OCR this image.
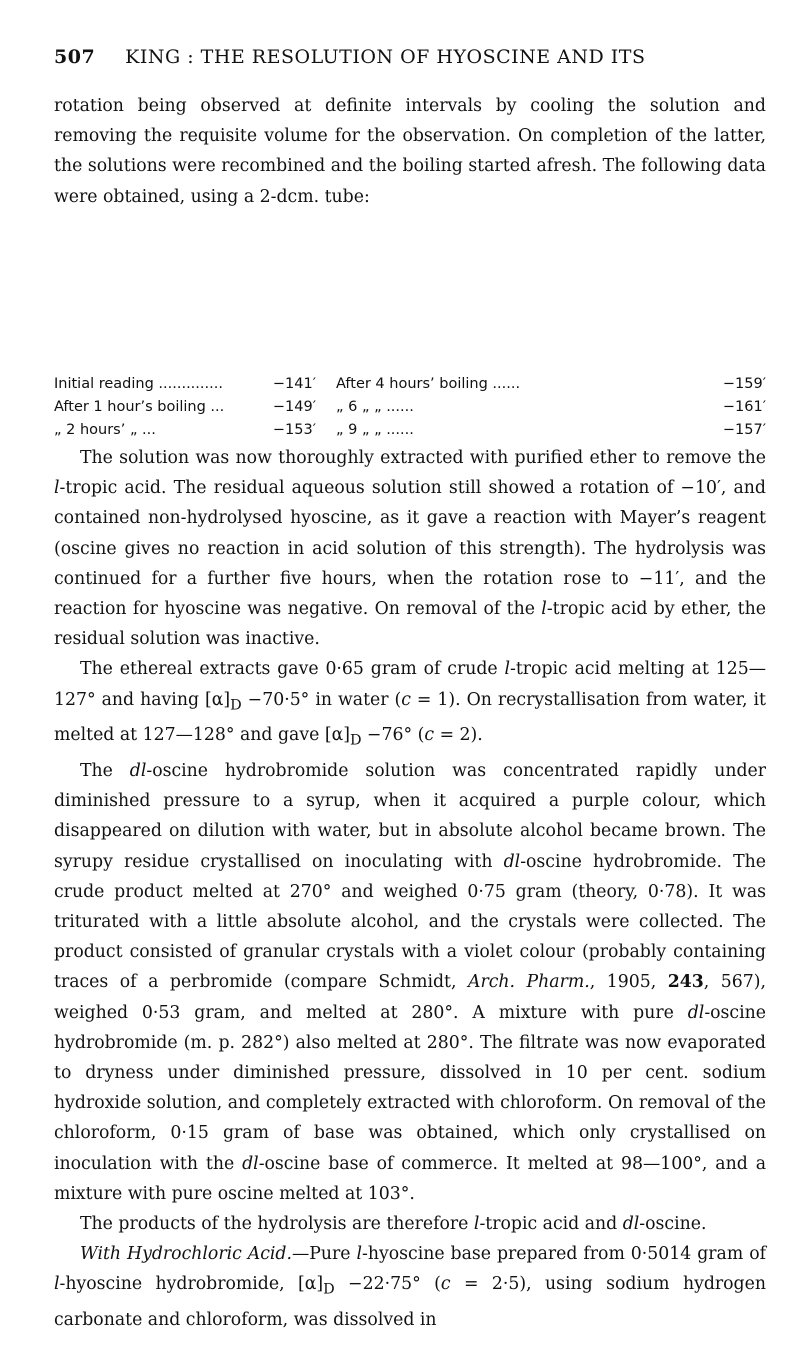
507 KING : THE RESOLUTION OF HYOSCINE AND ITS

rotation being observed at definite intervals by cooling the solution and removing the requisite volume for the observation. On completion of the latter, the solutions were recombined and the boiling started afresh. The following data were obtained, using a 2-dcm. tube:

Initial reading ..............	−141′	After 4 hours’ boiling ......	−159′
After 1 hour’s boiling ...	−149′	„ 6 „ „ ......	−161′
„ 2 hours’ „ ...	−153′	„ 9 „ „ ......	−157′

The solution was now thoroughly extracted with purified ether to remove the l-tropic acid. The residual aqueous solution still showed a rotation of −10′, and contained non-hydrolysed hyoscine, as it gave a reaction with Mayer’s reagent (oscine gives no reaction in acid solution of this strength). The hydrolysis was continued for a further five hours, when the rotation rose to −11′, and the reaction for hyoscine was negative. On removal of the l-tropic acid by ether, the residual solution was inactive.

The ethereal extracts gave 0·65 gram of crude l-tropic acid melting at 125—127° and having $[\alpha]_D -70\cdot 5^\circ$ in water (c = 1). On recrystallisation from water, it melted at 127—128° and gave $[\alpha]_D -76^\circ$ (c = 2).

The dl-oscine hydrobromide solution was concentrated rapidly under diminished pressure to a syrup, when it acquired a purple colour, which disappeared on dilution with water, but in absolute alcohol became brown. The syrupy residue crystallised on inoculating with dl-oscine hydrobromide. The crude product melted at 270° and weighed 0·75 gram (theory, 0·78). It was triturated with a little absolute alcohol, and the crystals were collected. The product consisted of granular crystals with a violet colour (probably containing traces of a perbromide (compare Schmidt, Arch. Pharm., 1905, 243, 567), weighed 0·53 gram, and melted at 280°. A mixture with pure dl-oscine hydrobromide (m. p. 282°) also melted at 280°. The filtrate was now evaporated to dryness under diminished pressure, dissolved in 10 per cent. sodium hydroxide solution, and completely extracted with chloroform. On removal of the chloroform, 0·15 gram of base was obtained, which only crystallised on inoculation with the dl-oscine base of commerce. It melted at 98—100°, and a mixture with pure oscine melted at 103°.

The products of the hydrolysis are therefore l-tropic acid and dl-oscine.

With Hydrochloric Acid.—Pure l-hyoscine base prepared from 0·5014 gram of l-hyoscine hydrobromide, $[\alpha]_D -22\cdot 75^\circ$ (c = 2·5), using sodium hydrogen carbonate and chloroform, was dissolved in
